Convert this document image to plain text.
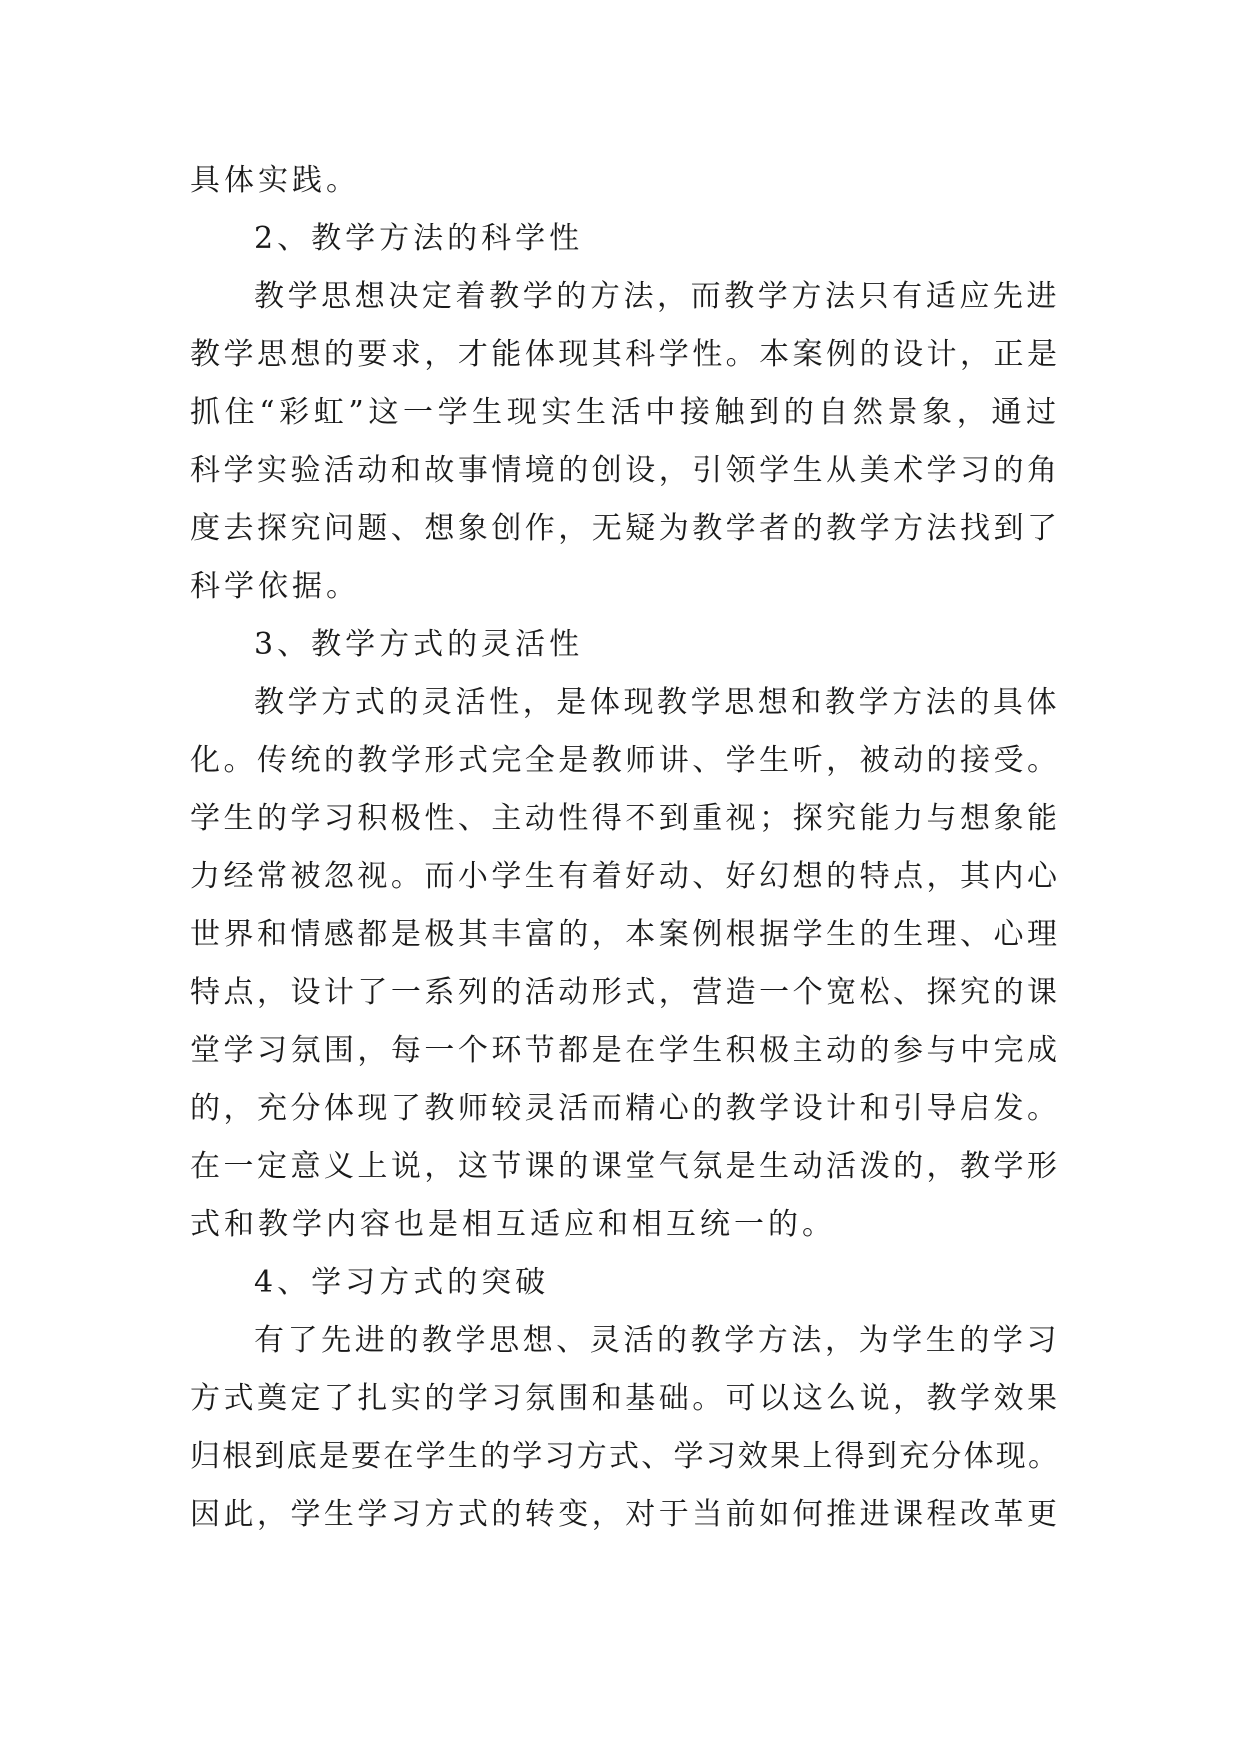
具体实践。
2、教学方法的科学性
教学思想决定着教学的方法，而教学方法只有适应先进
教学思想的要求，才能体现其科学性。本案例的设计，正是
抓住“彩虹”这一学生现实生活中接触到的自然景象，通过
科学实验活动和故事情境的创设，引领学生从美术学习的角
度去探究问题、想象创作，无疑为教学者的教学方法找到了
科学依据。
3、教学方式的灵活性
教学方式的灵活性，是体现教学思想和教学方法的具体
化。传统的教学形式完全是教师讲、学生听，被动的接受。
学生的学习积极性、主动性得不到重视；探究能力与想象能
力经常被忽视。而小学生有着好动、好幻想的特点，其内心
世界和情感都是极其丰富的，本案例根据学生的生理、心理
特点，设计了一系列的活动形式，营造一个宽松、探究的课
堂学习氛围，每一个环节都是在学生积极主动的参与中完成
的，充分体现了教师较灵活而精心的教学设计和引导启发。
在一定意义上说，这节课的课堂气氛是生动活泼的，教学形
式和教学内容也是相互适应和相互统一的。
4、学习方式的突破
有了先进的教学思想、灵活的教学方法，为学生的学习
方式奠定了扎实的学习氛围和基础。可以这么说，教学效果
归根到底是要在学生的学习方式、学习效果上得到充分体现。
因此，学生学习方式的转变，对于当前如何推进课程改革更
